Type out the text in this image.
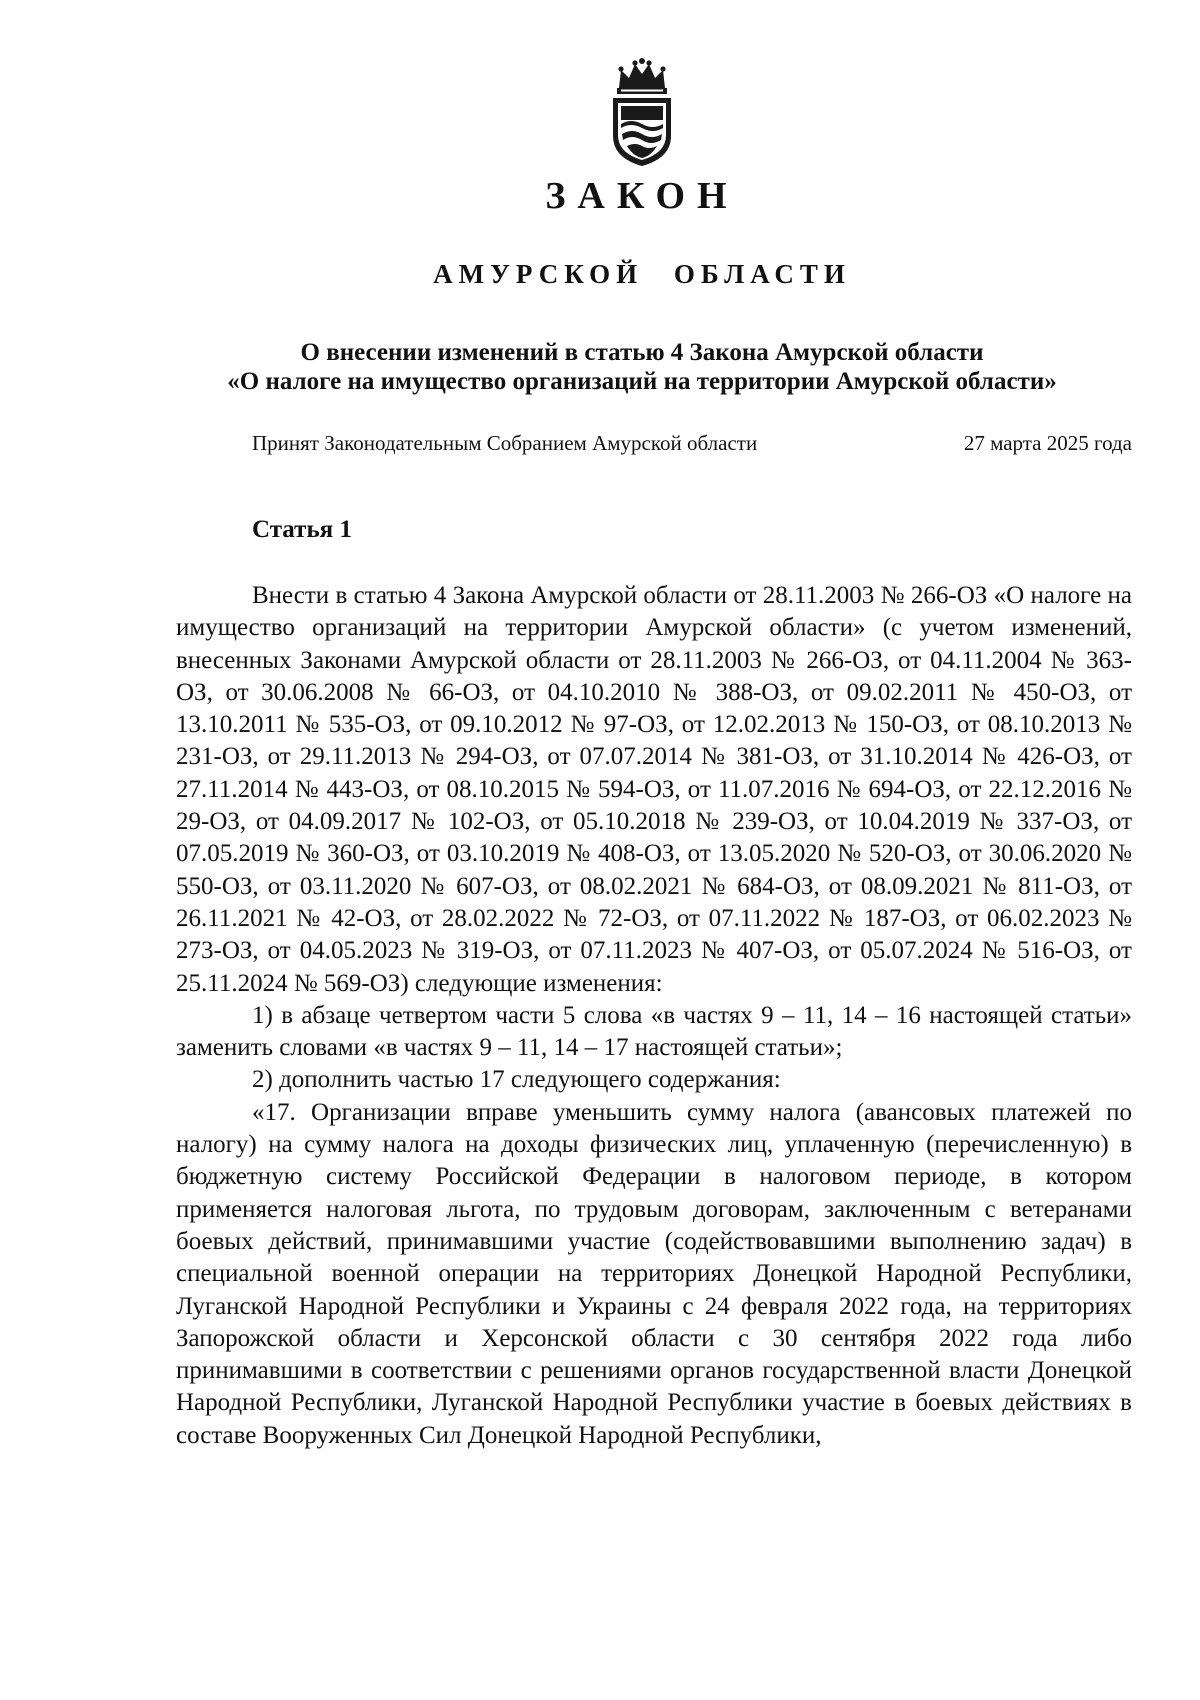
ЗАКОН
АМУРСКОЙ ОБЛАСТИ
О внесении изменений в статью 4 Закона Амурской области
«О налоге на имущество организаций на территории Амурской области»
Принят Законодательным Собранием Амурской области	27 марта 2025 года
Статья 1

Внести в статью 4 Закона Амурской области от 28.11.2003 № 266-ОЗ «О налоге на имущество организаций на территории Амурской области» (с учетом изменений, внесенных Законами Амурской области от 28.11.2003 № 266-ОЗ, от 04.11.2004 № 363-ОЗ, от 30.06.2008 № 66-ОЗ, от 04.10.2010 № 388-ОЗ, от 09.02.2011 № 450-ОЗ, от 13.10.2011 № 535-ОЗ, от 09.10.2012 № 97-ОЗ, от 12.02.2013 № 150-ОЗ, от 08.10.2013 № 231-ОЗ, от 29.11.2013 № 294-ОЗ, от 07.07.2014 № 381-ОЗ, от 31.10.2014 № 426-ОЗ, от 27.11.2014 № 443-ОЗ, от 08.10.2015 № 594-ОЗ, от 11.07.2016 № 694-ОЗ, от 22.12.2016 № 29-ОЗ, от 04.09.2017 № 102-ОЗ, от 05.10.2018 № 239-ОЗ, от 10.04.2019 № 337-ОЗ, от 07.05.2019 № 360-ОЗ, от 03.10.2019 № 408-ОЗ, от 13.05.2020 № 520-ОЗ, от 30.06.2020 № 550-ОЗ, от 03.11.2020 № 607-ОЗ, от 08.02.2021 № 684-ОЗ, от 08.09.2021 № 811-ОЗ, от 26.11.2021 № 42-ОЗ, от 28.02.2022 № 72-ОЗ, от 07.11.2022 № 187-ОЗ, от 06.02.2023 № 273-ОЗ, от 04.05.2023 № 319-ОЗ, от 07.11.2023 № 407-ОЗ, от 05.07.2024 № 516-ОЗ, от 25.11.2024 № 569-ОЗ) следующие изменения:

1) в абзаце четвертом части 5 слова «в частях 9 – 11, 14 – 16 настоящей статьи» заменить словами «в частях 9 – 11, 14 – 17 настоящей статьи»;

2) дополнить частью 17 следующего содержания:

«17. Организации вправе уменьшить сумму налога (авансовых платежей по налогу) на сумму налога на доходы физических лиц, уплаченную (перечисленную) в бюджетную систему Российской Федерации в налоговом периоде, в котором применяется налоговая льгота, по трудовым договорам, заключенным с ветеранами боевых действий, принимавшими участие (содействовавшими выполнению задач) в специальной военной операции на территориях Донецкой Народной Республики, Луганской Народной Республики и Украины с 24 февраля 2022 года, на территориях Запорожской области и Херсонской области с 30 сентября 2022 года либо принимавшими в соответствии с решениями органов государственной власти Донецкой Народной Республики, Луганской Народной Республики участие в боевых действиях в составе Вооруженных Сил Донецкой Народной Республики,
